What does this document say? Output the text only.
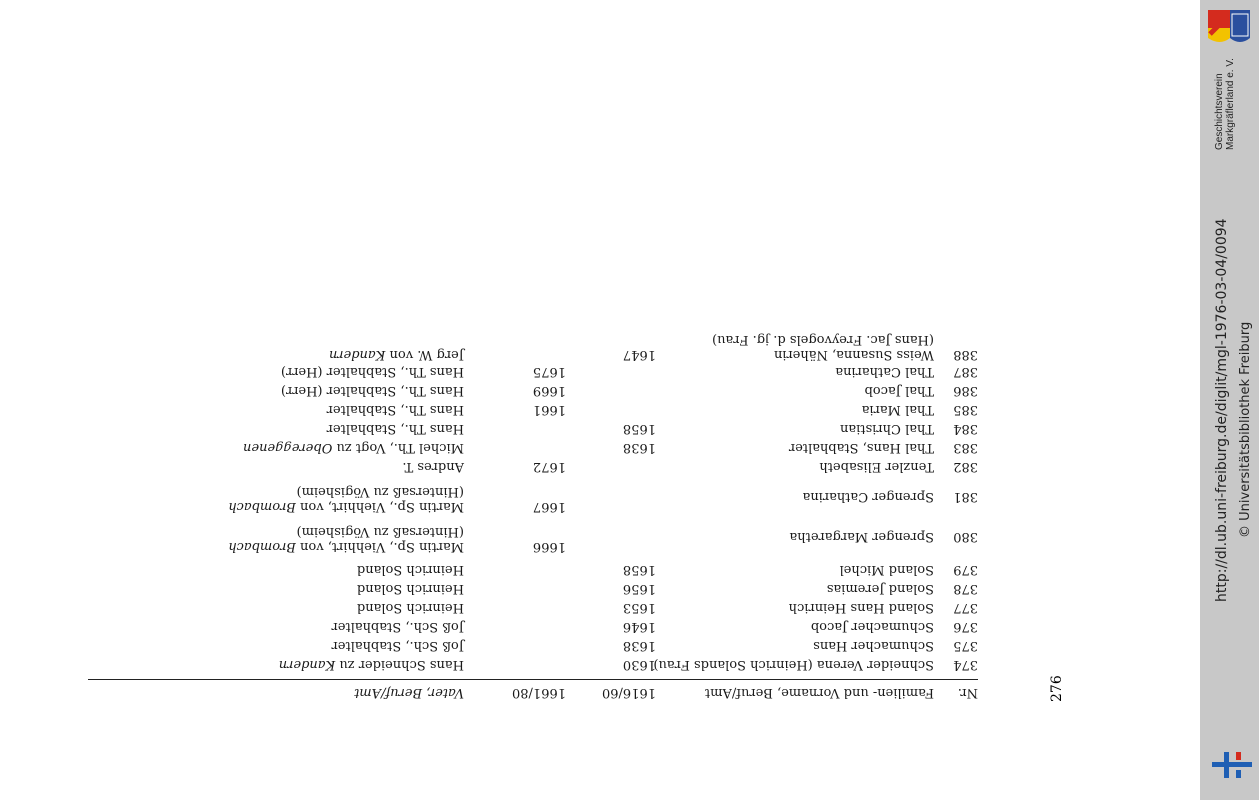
Nr.
Familien- und Vorname, Beruf/Amt
1616/60
1661/80
Vater, Beruf/Amt
374
Schneider Verena (Heinrich Solands Frau)
1630
Hans Schneider zu Kandern
375
Schumacher Hans
1638
Joß Sch., Stabhalter
376
Schumacher Jacob
1646
Joß Sch., Stabhalter
377
Soland Hans Heinrich
1653
Heinrich Soland
378
Soland Jeremias
1656
Heinrich Soland
379
Soland Michel
1658
Heinrich Soland
380
Sprenger Margaretha
1666
Martin Sp., Viehhirt, von Brombach
(Hintersaß zu Vögisheim)
381
Sprenger Catharina
1667
Martin Sp., Viehhirt, von Brombach
(Hintersaß zu Vögisheim)
382
Tenzler Elisabeth
1672
Andres T.
383
Thal Hans, Stabhalter
1638
Michel Th., Vogt zu Obereggenen
384
Thal Christian
1658
Hans Th., Stabhalter
385
Thal Maria
1661
Hans Th., Stabhalter
386
Thal Jacob
1669
Hans Th., Stabhalter (Herr)
387
Thal Catharina
1675
Hans Th., Stabhalter (Herr)
388
Weiss Susanna, Näherin
(Hans Jac. Freyvogels d. jg. Frau)
1647
Jerg W. von Kandern
276
Geschichtsverein Markgräflerland e. V.
http://dl.ub.uni-freiburg.de/diglit/mgl-1976-03-04/0094 © Universitätsbibliothek Freiburg
